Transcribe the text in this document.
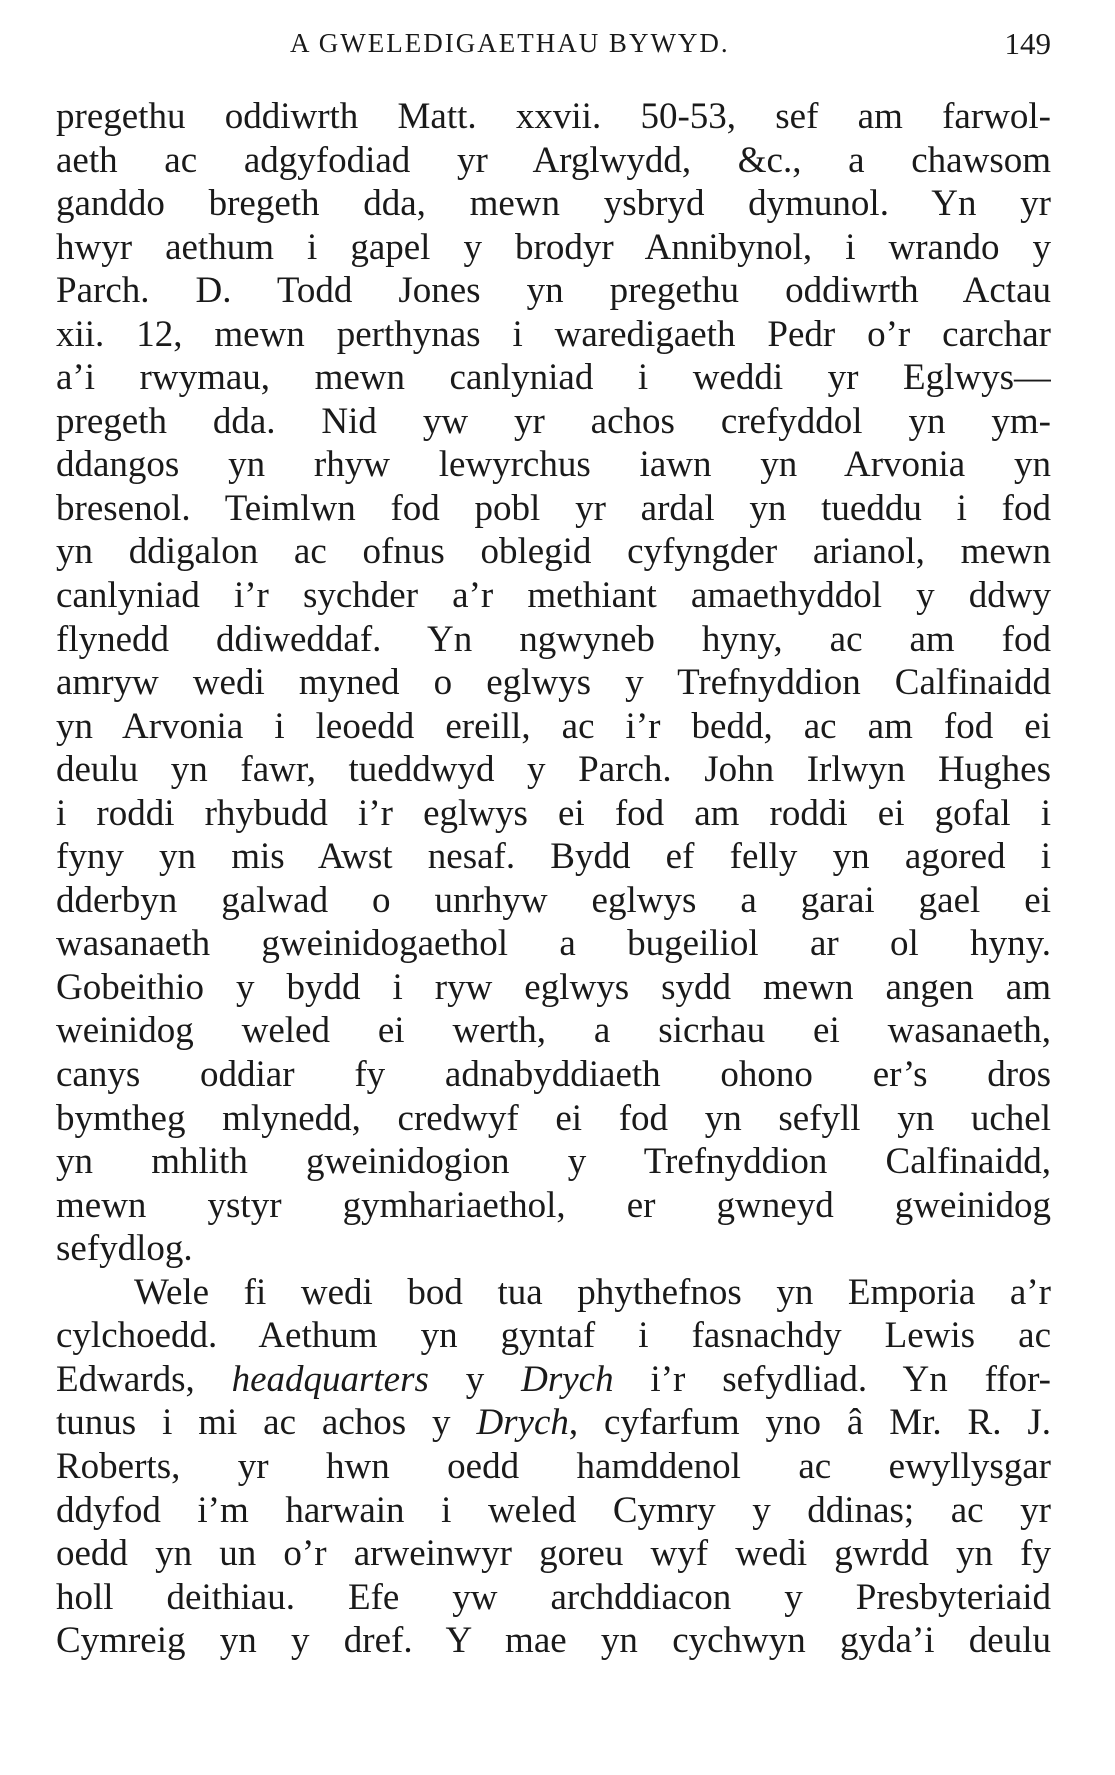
A GWELEDIGAETHAU BYWYD.	149
pregethu oddiwrth Matt. xxvii. 50-53, sef am farwol-
aeth ac adgyfodiad yr Arglwydd, &c., a chawsom
ganddo bregeth dda, mewn ysbryd dymunol. Yn yr
hwyr aethum i gapel y brodyr Annibynol, i wrando y
Parch. D. Todd Jones yn pregethu oddiwrth Actau
xii. 12, mewn perthynas i waredigaeth Pedr o’r carchar
a’i rwymau, mewn canlyniad i weddi yr Eglwys—
pregeth dda. Nid yw yr achos crefyddol yn ym-
ddangos yn rhyw lewyrchus iawn yn Arvonia yn
bresenol. Teimlwn fod pobl yr ardal yn tueddu i fod
yn ddigalon ac ofnus oblegid cyfyngder arianol, mewn
canlyniad i’r sychder a’r methiant amaethyddol y ddwy
flynedd ddiweddaf. Yn ngwyneb hyny, ac am fod
amryw wedi myned o eglwys y Trefnyddion Calfinaidd
yn Arvonia i leoedd ereill, ac i’r bedd, ac am fod ei
deulu yn fawr, tueddwyd y Parch. John Irlwyn Hughes
i roddi rhybudd i’r eglwys ei fod am roddi ei gofal i
fyny yn mis Awst nesaf. Bydd ef felly yn agored i
dderbyn galwad o unrhyw eglwys a garai gael ei
wasanaeth gweinidogaethol a bugeiliol ar ol hyny.
Gobeithio y bydd i ryw eglwys sydd mewn angen am
weinidog weled ei werth, a sicrhau ei wasanaeth,
canys oddiar fy adnabyddiaeth ohono er’s dros
bymtheg mlynedd, credwyf ei fod yn sefyll yn uchel
yn mhlith gweinidogion y Trefnyddion Calfinaidd,
mewn ystyr gymhariaethol, er gwneyd gweinidog
sefydlog.
Wele fi wedi bod tua phythefnos yn Emporia a’r
cylchoedd. Aethum yn gyntaf i fasnachdy Lewis ac
Edwards, headquarters y Drych i’r sefydliad. Yn ffor-
tunus i mi ac achos y Drych, cyfarfum yno â Mr. R. J.
Roberts, yr hwn oedd hamddenol ac ewyllysgar
ddyfod i’m harwain i weled Cymry y ddinas; ac yr
oedd yn un o’r arweinwyr goreu wyf wedi gwrdd yn fy
holl deithiau. Efe yw archddiacon y Presbyteriaid
Cymreig yn y dref. Y mae yn cychwyn gyda’i deulu
